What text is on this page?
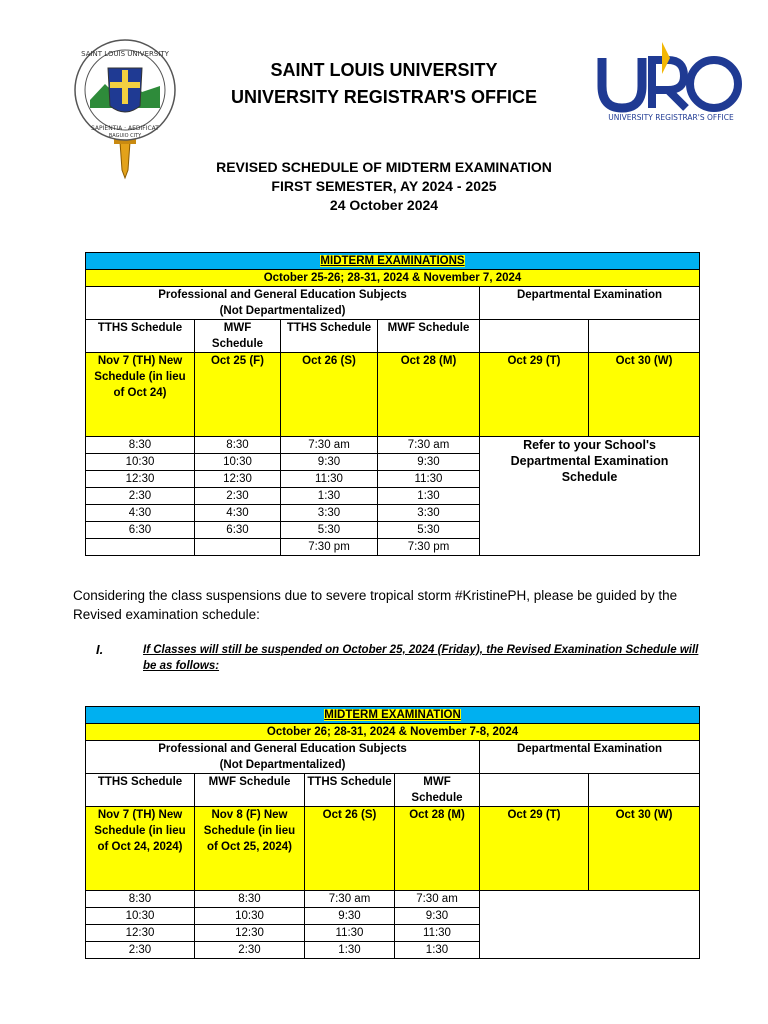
SAINT LOUIS UNIVERSITY
SAPIENTIA · AEDIFICAT
BAGUIO CITY
UNIVERSITY REGISTRAR'S OFFICE
SAINT LOUIS UNIVERSITY
UNIVERSITY REGISTRAR'S OFFICE
REVISED SCHEDULE OF MIDTERM EXAMINATION
FIRST SEMESTER, AY 2024 - 2025
24 October 2024
MIDTERM EXAMINATIONS					
October 25-26; 28-31, 2024 & November 7, 2024					

Professional and General Education Subjects
(Not Departmentalized)				Departmental Examination	
TTHS Schedule	MWF Schedule	TTHS Schedule	MWF Schedule		
Nov 7 (TH) New Schedule (in lieu of Oct 24)	Oct 25 (F)	Oct 26 (S)	Oct 28 (M)	Oct 29 (T)	Oct 30 (W)
8:30	8:30	7:30 am	7:30 am	Refer to your School's Departmental Examination Schedule	
10:30	10:30	9:30	9:30		
12:30	12:30	11:30	11:30		
2:30	2:30	1:30	1:30		
4:30	4:30	3:30	3:30		
6:30	6:30	5:30	5:30		
		7:30 pm	7:30 pm		
Considering the class suspensions due to severe tropical storm #KristinePH, please be guided by the Revised examination schedule:
I.	If Classes will still be suspended on October 25, 2024 (Friday), the Revised Examination Schedule will be as follows:
MIDTERM EXAMINATION					
October 26; 28-31, 2024 & November 7-8, 2024					

Professional and General Education Subjects
(Not Departmentalized)				Departmental Examination	
TTHS Schedule	MWF Schedule	TTHS Schedule	MWF Schedule		
Nov 7 (TH) New Schedule (in lieu of Oct 24, 2024)	Nov 8 (F) New Schedule (in lieu of Oct 25, 2024)	Oct 26 (S)	Oct 28 (M)	Oct 29 (T)	Oct 30 (W)
8:30	8:30	7:30 am	7:30 am		
10:30	10:30	9:30	9:30		
12:30	12:30	11:30	11:30		
2:30	2:30	1:30	1:30		
